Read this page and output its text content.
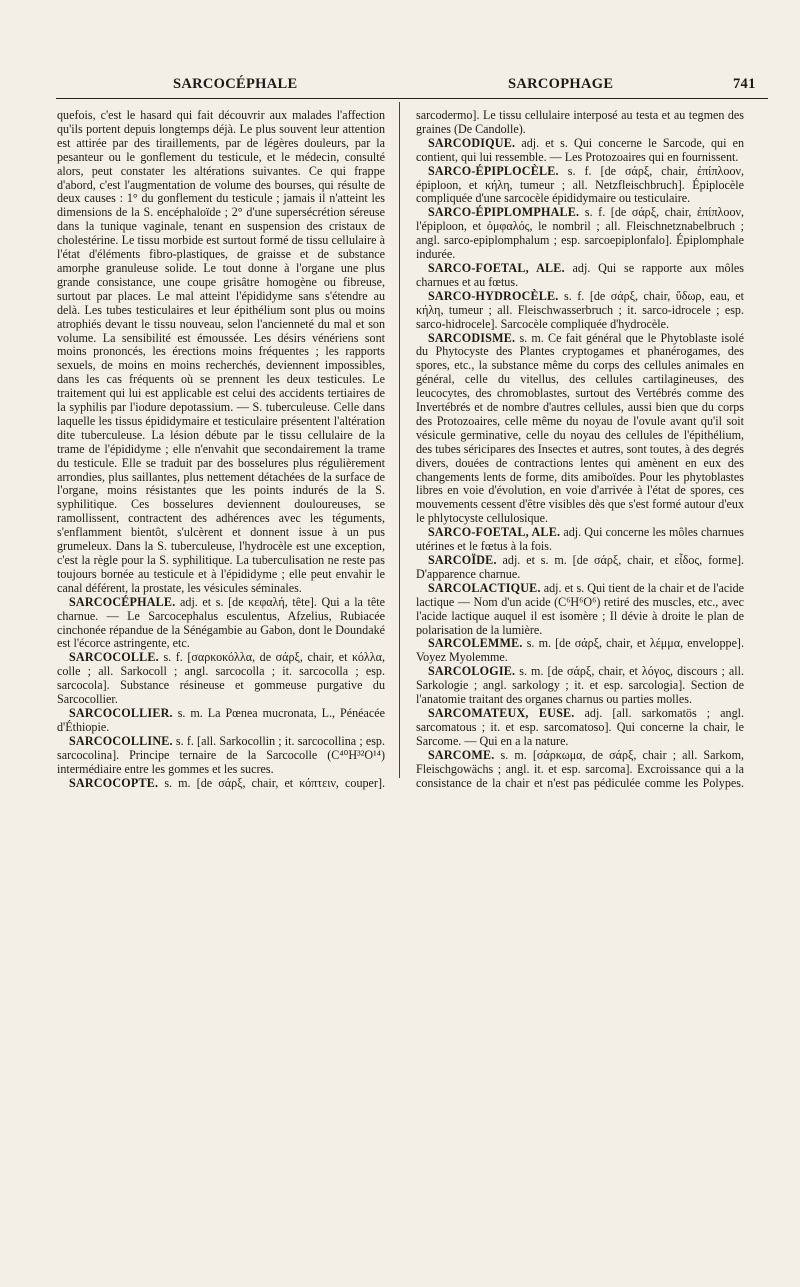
SARCOCÉPHALE	SARCOPHAGE	741

quefois, c'est le hasard qui fait découvrir aux malades l'affection qu'ils portent depuis longtemps déjà. Le plus souvent leur attention est attirée par des tiraillements, par de légères douleurs, par la pesanteur ou le gonflement du testicule, et le médecin, consulté alors, peut constater les altérations suivantes. Ce qui frappe d'abord, c'est l'augmentation de volume des bourses, qui résulte de deux causes : 1° du gonflement du testicule ; jamais il n'atteint les dimensions de la S. encéphaloïde ; 2° d'une supersécrétion séreuse dans la tunique vaginale, tenant en suspension des cristaux de cholestérine. Le tissu morbide est surtout formé de tissu cellulaire à l'état d'éléments fibro-plastiques, de graisse et de substance amorphe granuleuse solide. Le tout donne à l'organe une plus grande consistance, une coupe grisâtre homogène ou fibreuse, surtout par places. Le mal atteint l'épididyme sans s'étendre au delà. Les tubes testiculaires et leur épithélium sont plus ou moins atrophiés devant le tissu nouveau, selon l'ancienneté du mal et son volume. La sensibilité est émoussée. Les désirs vénériens sont moins prononcés, les érections moins fréquentes ; les rapports sexuels, de moins en moins recherchés, deviennent impossibles, dans les cas fréquents où se prennent les deux testicules. Le traitement qui lui est applicable est celui des accidents tertiaires de la syphilis par l'iodure depotassium. — S. tuberculeuse. Celle dans laquelle les tissus épididymaire et testiculaire présentent l'altération dite tuberculeuse. La lésion débute par le tissu cellulaire de la trame de l'épididyme ; elle n'envahit que secondairement la trame du testicule. Elle se traduit par des bosselures plus régulièrement arrondies, plus saillantes, plus nettement détachées de la surface de l'organe, moins résistantes que les points indurés de la S. syphilitique. Ces bosselures deviennent douloureuses, se ramollissent, contractent des adhérences avec les téguments, s'enflamment bientôt, s'ulcèrent et donnent issue à un pus grumeleux. Dans la S. tuberculeuse, l'hydrocèle est une exception, c'est la règle pour la S. syphilitique. La tuberculisation ne reste pas toujours bornée au testicule et à l'épididyme ; elle peut envahir le canal déférent, la prostate, les vésicules séminales.

SARCOCÉPHALE. adj. et s. [de κεφαλή, tête]. Qui a la tête charnue. — Le Sarcocephalus esculentus, Afzelius, Rubiacée cinchonée répandue de la Sénégambie au Gabon, dont le Doundaké est l'écorce astringente, etc.

SARCOCOLLE. s. f. [σαρκοκόλλα, de σάρξ, chair, et κόλλα, colle ; all. Sarkocoll ; angl. sarcocolla ; it. sarcocolla ; esp. sarcocola]. Substance résineuse et gommeuse purgative du Sarcocollier.

SARCOCOLLIER. s. m. La Pœnea mucronata, L., Pénéacée d'Éthiopie.

SARCOCOLLINE. s. f. [all. Sarkocollin ; it. sarcocollina ; esp. sarcocolina]. Principe ternaire de la Sarcocolle (C⁴⁰H³²O¹⁴) intermédiaire entre les gommes et les sucres.

SARCOCOPTE. s. m. [de σάρξ, chair, et κόπτειν, couper].

sarcodermo]. Le tissu cellulaire interposé au testa et au tegmen des graines (De Candolle).

SARCODIQUE. adj. et s. Qui concerne le Sarcode, qui en contient, qui lui ressemble. — Les Protozoaires qui en fournissent.

SARCO-ÉPIPLOCÈLE. s. f. [de σάρξ, chair, ἐπίπλοον, épiploon, et κήλη, tumeur ; all. Netzfleischbruch]. Épiplocèle compliquée d'une sarcocèle épididymaire ou testiculaire.

SARCO-ÉPIPLOMPHALE. s. f. [de σάρξ, chair, ἐπίπλοον, l'épiploon, et ὀμφαλός, le nombril ; all. Fleischnetznabelbruch ; angl. sarco-epiplomphalum ; esp. sarcoepiplonfalo]. Épiplomphale indurée.

SARCO-FOETAL, ALE. adj. Qui se rapporte aux môles charnues et au fœtus.

SARCO-HYDROCÈLE. s. f. [de σάρξ, chair, ὕδωρ, eau, et κήλη, tumeur ; all. Fleischwasserbruch ; it. sarco-idrocele ; esp. sarco-hidrocele]. Sarcocèle compliquée d'hydrocèle.

SARCODISME. s. m. Ce fait général que le Phytoblaste isolé du Phytocyste des Plantes cryptogames et phanérogames, des spores, etc., la substance même du corps des cellules animales en général, celle du vitellus, des cellules cartilagineuses, des leucocytes, des chromoblastes, surtout des Vertébrés comme des Invertébrés et de nombre d'autres cellules, aussi bien que du corps des Protozoaires, celle même du noyau de l'ovule avant qu'il soit vésicule germinative, celle du noyau des cellules de l'épithélium, des tubes séricipares des Insectes et autres, sont toutes, à des degrés divers, douées de contractions lentes qui amènent en eux des changements lents de forme, dits amiboïdes. Pour les phytoblastes libres en voie d'évolution, en voie d'arrivée à l'état de spores, ces mouvements cessent d'être visibles dès que s'est formé autour d'eux le phlytocyste cellulosique.

SARCO-FOETAL, ALE. adj. Qui concerne les môles charnues utérines et le fœtus à la fois.

SARCOÏDE. adj. et s. m. [de σάρξ, chair, et εἶδος, forme]. D'apparence charnue.

SARCOLACTIQUE. adj. et s. Qui tient de la chair et de l'acide lactique — Nom d'un acide (C⁶H⁶O⁶) retiré des muscles, etc., avec l'acide lactique auquel il est isomère ; Il dévie à droite le plan de polarisation de la lumière.

SARCOLEMME. s. m. [de σάρξ, chair, et λέμμα, enveloppe]. Voyez Myolemme.

SARCOLOGIE. s. m. [de σάρξ, chair, et λόγος, discours ; all. Sarkologie ; angl. sarkology ; it. et esp. sarcologia]. Section de l'anatomie traitant des organes charnus ou parties molles.

SARCOMATEUX, EUSE. adj. [all. sarkomatös ; angl. sarcomatous ; it. et esp. sarcomatoso]. Qui concerne la chair, le Sarcome. — Qui en a la nature.

SARCOME. s. m. [σάρκωμα, de σάρξ, chair ; all. Sarkom, Fleischgowächs ; angl. it. et esp. sarcoma]. Excroissance qui a la consistance de la chair et n'est pas pédiculée comme les Polypes.
